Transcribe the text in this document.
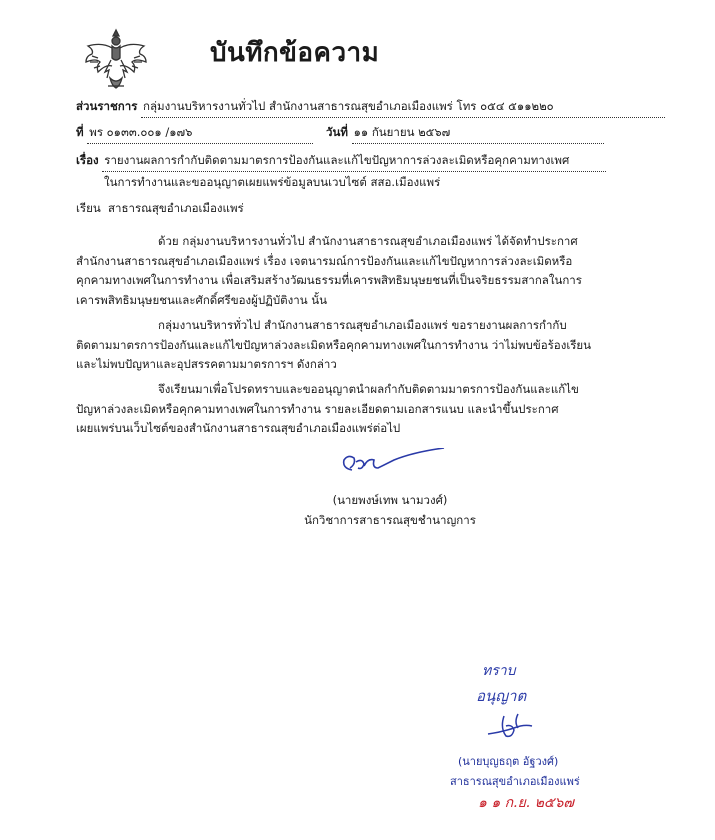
บันทึกข้อความ
ส่วนราชการ กลุ่มงานบริหารงานทั่วไป สำนักงานสาธารณสุขอำเภอเมืองแพร่ โทร ๐๕๔ ๕๑๑๒๒๐
ที่ พร ๐๑๓๓.๐๐๑ /๑๗๖	วันที่ ๑๑ กันยายน ๒๕๖๗
เรื่อง รายงานผลการกำกับติดตามมาตรการป้องกันและแก้ไขปัญหาการล่วงละเมิดหรือคุกคามทางเพศ
ในการทำงานและขออนุญาตเผยแพร่ข้อมูลบนเวบไซต์ สสอ.เมืองแพร่
เรียน สาธารณสุขอำเภอเมืองแพร่
ด้วย กลุ่มงานบริหารงานทั่วไป สำนักงานสาธารณสุขอำเภอเมืองแพร่ ได้จัดทำประกาศ
สำนักงานสาธารณสุขอำเภอเมืองแพร่ เรื่อง เจตนารมณ์การป้องกันและแก้ไขปัญหาการล่วงละเมิดหรือ
คุกคามทางเพศในการทำงาน เพื่อเสริมสร้างวัฒนธรรมที่เคารพสิทธิมนุษยชนที่เป็นจริยธรรมสากลในการ
เคารพสิทธิมนุษยชนและศักดิ์ศรีของผู้ปฏิบัติงาน นั้น
กลุ่มงานบริหารทั่วไป สำนักงานสาธารณสุขอำเภอเมืองแพร่ ขอรายงานผลการกำกับ
ติดตามมาตรการป้องกันและแก้ไขปัญหาล่วงละเมิดหรือคุกคามทางเพศในการทำงาน ว่าไม่พบข้อร้องเรียน
และไม่พบปัญหาและอุปสรรคตามมาตรการฯ ดังกล่าว
จึงเรียนมาเพื่อโปรดทราบและขออนุญาตนำผลกำกับติดตามมาตรการป้องกันและแก้ไข
ปัญหาล่วงละเมิดหรือคุกคามทางเพศในการทำงาน รายละเอียดตามเอกสารแนบ และนำขึ้นประกาศ
เผยแพร่บนเว็บไซต์ของสำนักงานสาธารณสุขอำเภอเมืองแพร่ต่อไป
(นายพงษ์เทพ นามวงศ์)
นักวิชาการสาธารณสุขชำนาญการ
ทราบ
อนุญาต
(นายบุญธฤต อัฐวงศ์)
สาธารณสุขอำเภอเมืองแพร่
๑ ๑ ก.ย. ๒๕๖๗
